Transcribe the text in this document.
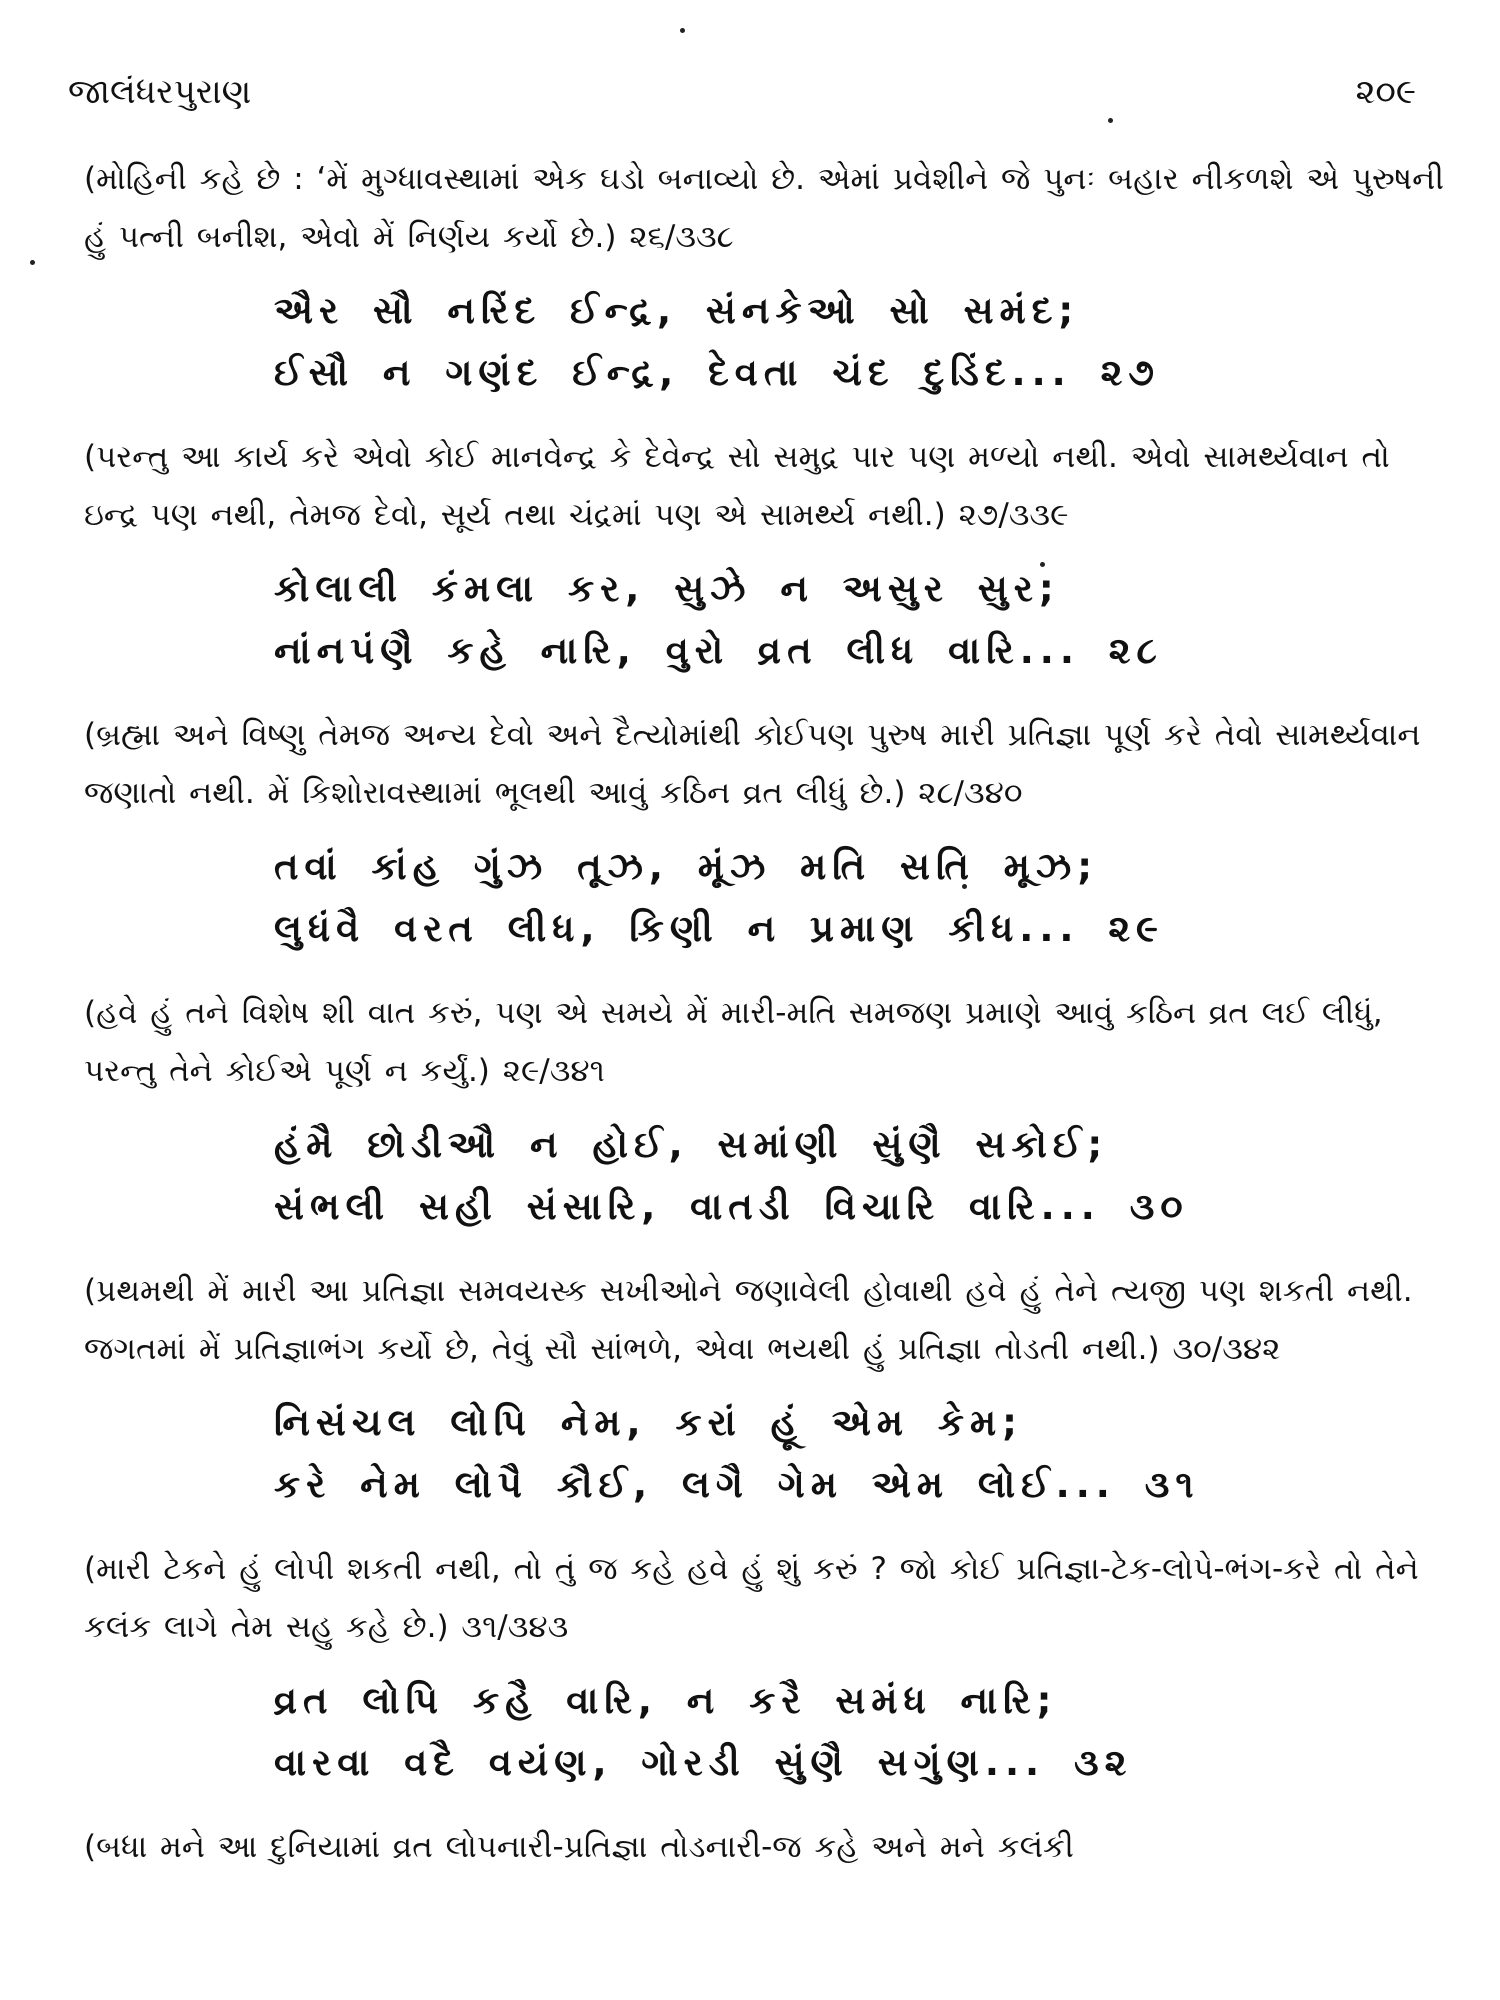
જાલંધરપુરાણ	૨૦૯

(મોહિની કહે છે : ‘મેં મુગ્ધાવસ્થામાં એક ઘડો બનાવ્યો છે. એમાં પ્રવેશીને જે પુનઃ બહાર નીકળશે એ પુરુષની હું પત્ની બનીશ, એવો મેં નિર્ણય કર્યો છે.) ૨૬/૩૩૮

ઐર સૌ નરિંદ ઈન્દ્ર, સંનકેઓ સો સમંદ;
ઈસૌ ન ગણંદ ઈન્દ્ર, દેવતા ચંદ દુડિંદ... ૨૭

(પરન્તુ આ કાર્ય કરે એવો કોઈ માનવેન્દ્ર કે દેવેન્દ્ર સો સમુદ્ર પાર પણ મળ્યો નથી. એવો સામર્થ્યવાન તો ઇન્દ્ર પણ નથી, તેમજ દેવો, સૂર્ય તથા ચંદ્રમાં પણ એ સામર્થ્ય નથી.) ૨૭/૩૩૯

કોલાલી કંમલા કર, સુઝે ન અસુર સુર;
નાંનપંણૈ કહે નારિ, વુરો વ્રત લીધ વારિ... ૨૮

(બ્રહ્મા અને વિષ્ણુ તેમજ અન્ય દેવો અને દૈત્યોમાંથી કોઈપણ પુરુષ મારી પ્રતિજ્ઞા પૂર્ણ કરે તેવો સામર્થ્યવાન જણાતો નથી. મેં કિશોરાવસ્થામાં ભૂલથી આવું કઠિન વ્રત લીધું છે.) ૨૮/૩૪૦

તવાં કાંહ ગુંઝ તૂઝ, મૂંઝ મતિ સતિ મૂઝ;
લુધંવૈ વરત લીધ, કિણી ન પ્રમાણ કીધ... ૨૯

(હવે હું તને વિશેષ શી વાત કરું, પણ એ સમયે મેં મારી-મતિ સમજણ પ્રમાણે આવું કઠિન વ્રત લઈ લીધું, પરન્તુ તેને કોઈએ પૂર્ણ ન કર્યું.) ૨૯/૩૪૧

હંમૈ છોડીઔ ન હોઈ, સમાંણી સુંણૈ સકોઈ;
સંભલી સહી સંસારિ, વાતડી વિચારિ વારિ... ૩૦

(પ્રથમથી મેં મારી આ પ્રતિજ્ઞા સમવયસ્ક સખીઓને જણાવેલી હોવાથી હવે હું તેને ત્યજી પણ શકતી નથી. જગતમાં મેં પ્રતિજ્ઞાભંગ કર્યો છે, તેવું સૌ સાંભળે, એવા ભયથી હું પ્રતિજ્ઞા તોડતી નથી.) ૩૦/૩૪૨

નિસંચલ લોપિ નેમ, કરાં હૂં એમ કેમ;
કરે નેમ લોપૈ કૌઈ, લગૈ ગેમ એમ લોઈ... ૩૧

(મારી ટેકને હું લોપી શકતી નથી, તો તું જ કહે હવે હું શું કરું ? જો કોઈ પ્રતિજ્ઞા-ટેક-લોપે-ભંગ-કરે તો તેને કલંક લાગે તેમ સહુ કહે છે.) ૩૧/૩૪૩

વ્રત લોપિ કહૈ વારિ, ન કરૈ સમંધ નારિ;
વારવા વદૈ વયંણ, ગોરડી સુંણૈ સગુંણ... ૩૨

(બધા મને આ દુનિયામાં વ્રત લોપનારી-પ્રતિજ્ઞા તોડનારી-જ કહે અને મને કલંકી
